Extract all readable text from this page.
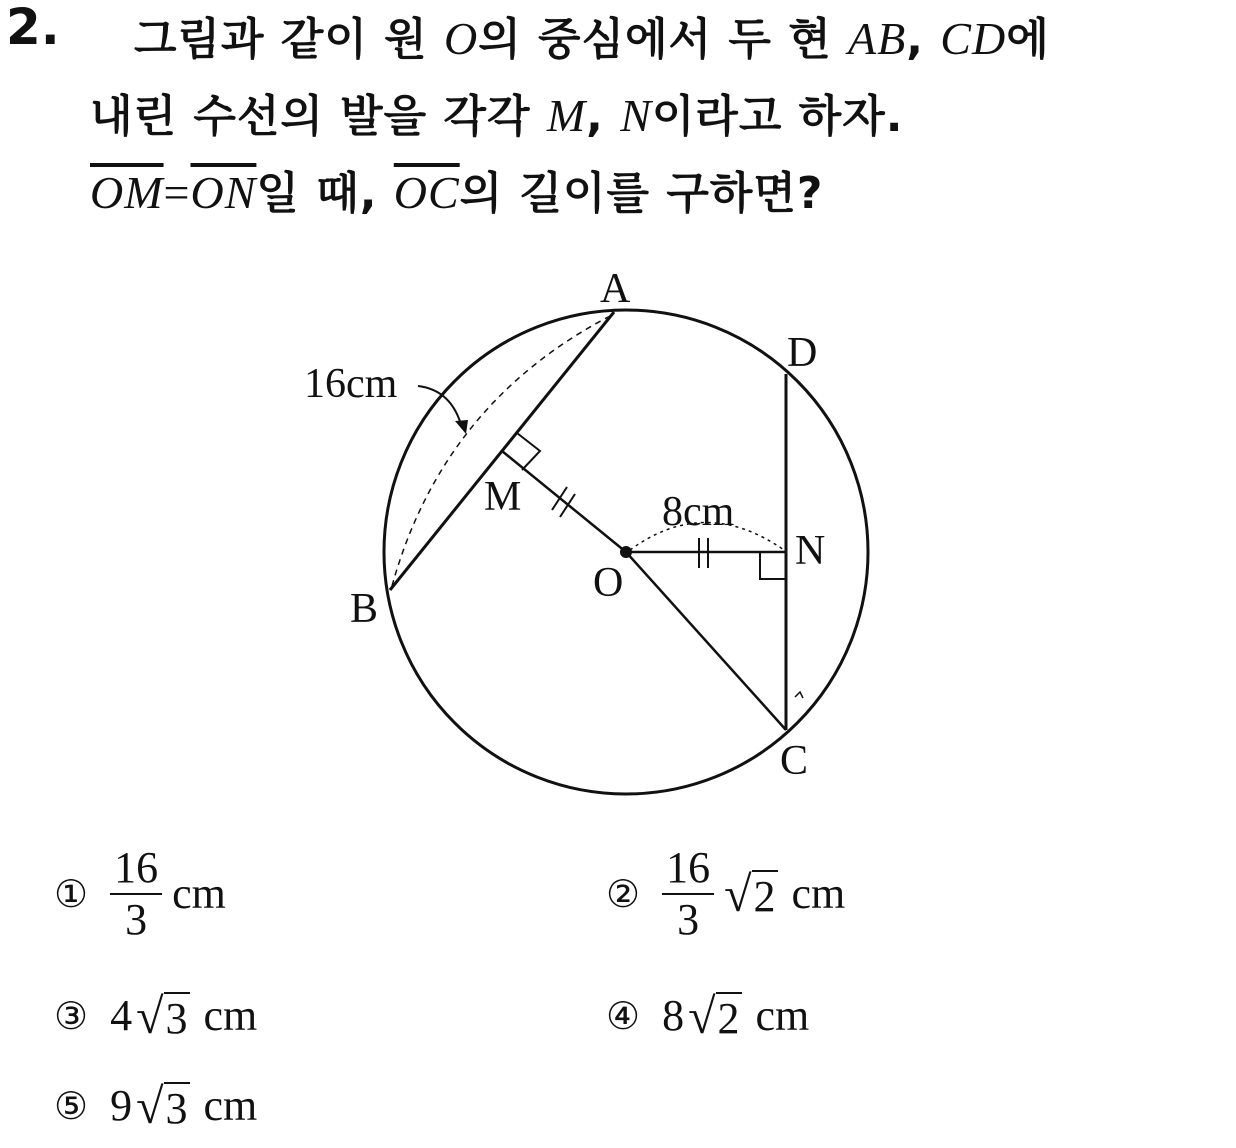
2. 그림과 같이 원 O의 중심에서 두 현 AB, CD에
내린 수선의 발을 각각 M, N이라고 하자.
$\overline{OM}=\overline{ON}$일 때, $\overline{OC}$의 길이를 구하면?
A
B
C
D
M
N
O
16cm
8cm
① $\frac{16}{3}$ cm	② $\frac{16}{3} √2$ cm
③ 4√3 cm	④ 8√2 cm
⑤ 9√3 cm
